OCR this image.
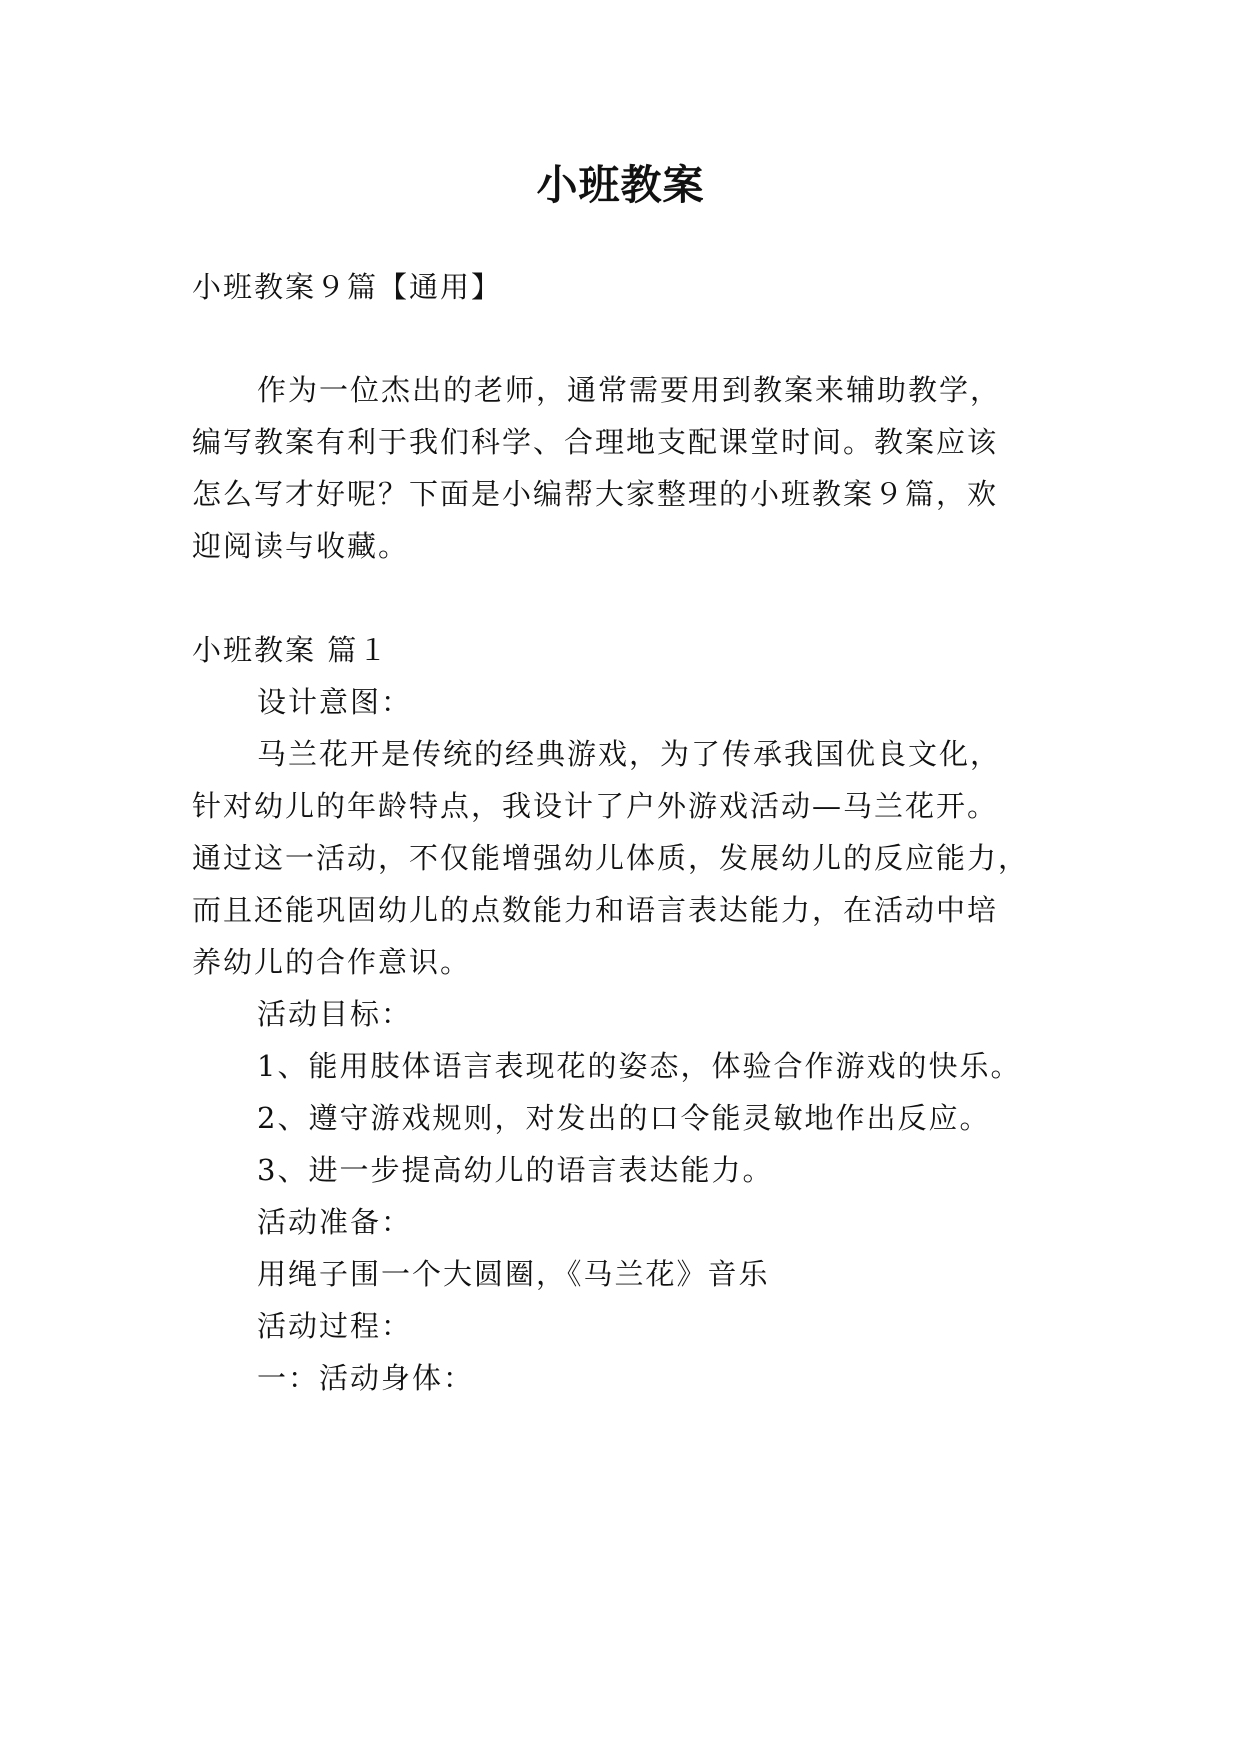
小班教案
小班教案９篇【通用】
作为一位杰出的老师，通常需要用到教案来辅助教学，
编写教案有利于我们科学、合理地支配课堂时间。教案应该
怎么写才好呢？下面是小编帮大家整理的小班教案９篇，欢
迎阅读与收藏。
小班教案 篇１
设计意图：
马兰花开是传统的经典游戏，为了传承我国优良文化，
针对幼儿的年龄特点，我设计了户外游戏活动—马兰花开。
通过这一活动，不仅能增强幼儿体质，发展幼儿的反应能力，
而且还能巩固幼儿的点数能力和语言表达能力，在活动中培
养幼儿的合作意识。
活动目标：
1、能用肢体语言表现花的姿态，体验合作游戏的快乐。
2、遵守游戏规则，对发出的口令能灵敏地作出反应。
3、进一步提高幼儿的语言表达能力。
活动准备：
用绳子围一个大圆圈，《马兰花》音乐
活动过程：
一：活动身体：
